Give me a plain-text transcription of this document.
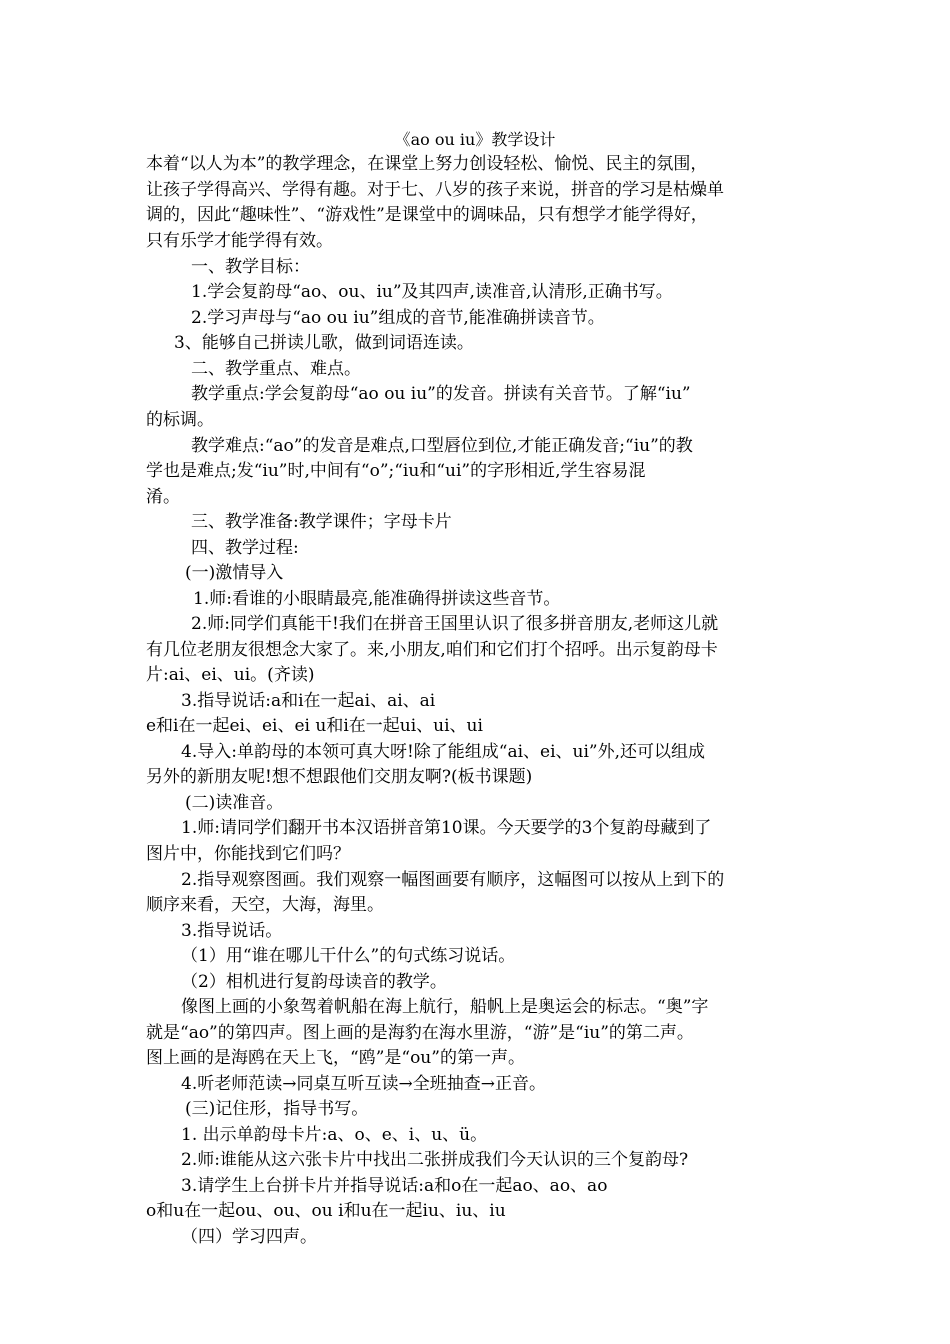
《ao ou iu》教学设计
本着“以人为本”的教学理念，在课堂上努力创设轻松、愉悦、民主的氛围，
让孩子学得高兴、学得有趣。对于七、八岁的孩子来说，拼音的学习是枯燥单
调的，因此“趣味性”、“游戏性”是课堂中的调味品，只有想学才能学得好，
只有乐学才能学得有效。
一、教学目标：
1.学会复韵母“ao、ou、iu”及其四声,读准音,认清形,正确书写。
2.学习声母与“ao ou iu”组成的音节,能准确拼读音节。
3、能够自己拼读儿歌，做到词语连读。
二、教学重点、难点。
教学重点:学会复韵母“ao ou iu”的发音。拼读有关音节。了解“iu”
的标调。
教学难点:“ao”的发音是难点,口型唇位到位,才能正确发音;“iu”的教
学也是难点;发“iu”时,中间有“o”;“iu和“ui”的字形相近,学生容易混
淆。
三、教学准备:教学课件；字母卡片
四、教学过程:
(一)激情导入
1.师:看谁的小眼睛最亮,能准确得拼读这些音节。
2.师:同学们真能干!我们在拼音王国里认识了很多拼音朋友,老师这儿就
有几位老朋友很想念大家了。来,小朋友,咱们和它们打个招呼。出示复韵母卡
片:ai、ei、ui。(齐读)
3.指导说话:a和i在一起ai、ai、ai
e和i在一起ei、ei、ei u和i在一起ui、ui、ui
4.导入:单韵母的本领可真大呀!除了能组成“ai、ei、ui”外,还可以组成
另外的新朋友呢!想不想跟他们交朋友啊?(板书课题)
(二)读准音。
1.师:请同学们翻开书本汉语拼音第10课。今天要学的3个复韵母藏到了
图片中，你能找到它们吗？
2.指导观察图画。我们观察一幅图画要有顺序，这幅图可以按从上到下的
顺序来看，天空，大海，海里。
3.指导说话。
（1）用“谁在哪儿干什么”的句式练习说话。
（2）相机进行复韵母读音的教学。
像图上画的小象驾着帆船在海上航行，船帆上是奥运会的标志。“奥”字
就是“ao”的第四声。图上画的是海豹在海水里游，“游”是“iu”的第二声。
图上画的是海鸥在天上飞，“鸥”是“ou”的第一声。
4.听老师范读→同桌互听互读→全班抽查→正音。
(三)记住形，指导书写。
1. 出示单韵母卡片:a、o、e、i、u、ü。
2.师:谁能从这六张卡片中找出二张拼成我们今天认识的三个复韵母?
3.请学生上台拼卡片并指导说话:a和o在一起ao、ao、ao
o和u在一起ou、ou、ou i和u在一起iu、iu、iu
（四）学习四声。
